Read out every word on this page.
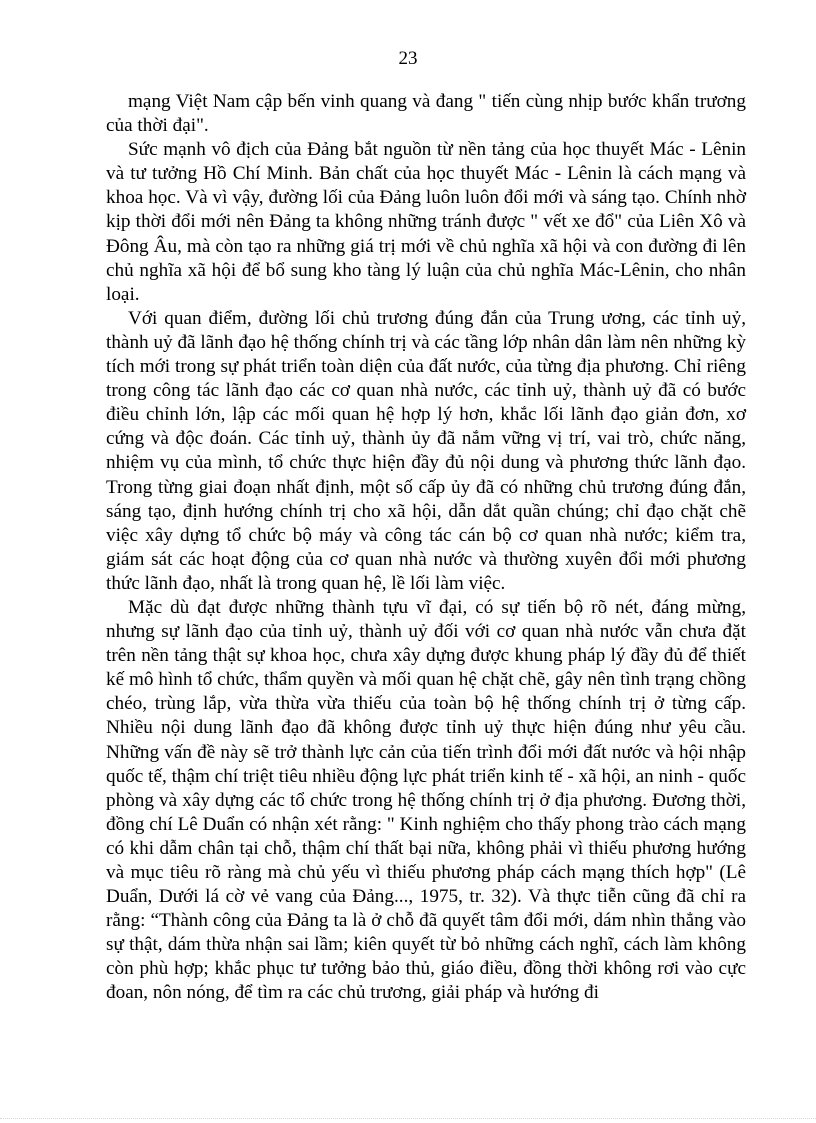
23

mạng Việt Nam cập bến vinh quang và đang " tiến cùng nhịp bước khẩn trương của thời đại".

Sức mạnh vô địch của Đảng bắt nguồn từ nền tảng của học thuyết Mác - Lênin và tư tưởng Hồ Chí Minh. Bản chất của học thuyết Mác - Lênin là cách mạng và khoa học. Và vì vậy, đường lối của Đảng luôn luôn đổi mới và sáng tạo. Chính nhờ kịp thời đổi mới nên Đảng ta không những tránh được " vết xe đổ" của Liên Xô và Đông Âu, mà còn tạo ra những giá trị mới về chủ nghĩa xã hội và con đường đi lên chủ nghĩa xã hội để bổ sung kho tàng lý luận của chủ nghĩa Mác-Lênin, cho nhân loại.

Với quan điểm, đường lối chủ trương đúng đắn của Trung ương, các tỉnh uỷ, thành uỷ đã lãnh đạo hệ thống chính trị và các tầng lớp nhân dân làm nên những kỳ tích mới trong sự phát triển toàn diện của đất nước, của từng địa phương. Chỉ riêng trong công tác lãnh đạo các cơ quan nhà nước, các tỉnh uỷ, thành uỷ đã có bước điều chỉnh lớn, lập các mối quan hệ hợp lý hơn, khắc lối lãnh đạo giản đơn, xơ cứng và độc đoán. Các tỉnh uỷ, thành ủy đã nắm vững vị trí, vai trò, chức năng, nhiệm vụ của mình, tổ chức thực hiện đầy đủ nội dung và phương thức lãnh đạo. Trong từng giai đoạn nhất định, một số cấp ủy đã có những chủ trương đúng đắn, sáng tạo, định hướng chính trị cho xã hội, dẫn dắt quần chúng; chỉ đạo chặt chẽ việc xây dựng tổ chức bộ máy và công tác cán bộ cơ quan nhà nước; kiểm tra, giám sát các hoạt động của cơ quan nhà nước và thường xuyên đổi mới phương thức lãnh đạo, nhất là trong quan hệ, lề lối làm việc.

Mặc dù đạt được những thành tựu vĩ đại, có sự tiến bộ rõ nét, đáng mừng, nhưng sự lãnh đạo của tỉnh uỷ, thành uỷ đối với cơ quan nhà nước vẫn chưa đặt trên nền tảng thật sự khoa học, chưa xây dựng được khung pháp lý đầy đủ để thiết kế mô hình tổ chức, thẩm quyền và mối quan hệ chặt chẽ, gây nên tình trạng chồng chéo, trùng lắp, vừa thừa vừa thiếu của toàn bộ hệ thống chính trị ở từng cấp. Nhiều nội dung lãnh đạo đã không được tỉnh uỷ thực hiện đúng như yêu cầu. Những vấn đề này sẽ trở thành lực cản của tiến trình đổi mới đất nước và hội nhập quốc tế, thậm chí triệt tiêu nhiều động lực phát triển kinh tế - xã hội, an ninh - quốc phòng và xây dựng các tổ chức trong hệ thống chính trị ở địa phương. Đương thời, đồng chí Lê Duẩn có nhận xét rằng: " Kinh nghiệm cho thấy phong trào cách mạng có khi dẫm chân tại chỗ, thậm chí thất bại nữa, không phải vì thiếu phương hướng và mục tiêu rõ ràng mà chủ yếu vì thiếu phương pháp cách mạng thích hợp" (Lê Duẩn, Dưới lá cờ vẻ vang của Đảng..., 1975, tr. 32). Và thực tiễn cũng đã chỉ ra rằng: “Thành công của Đảng ta là ở chỗ đã quyết tâm đổi mới, dám nhìn thẳng vào sự thật, dám thừa nhận sai lầm; kiên quyết từ bỏ những cách nghĩ, cách làm không còn phù hợp; khắc phục tư tưởng bảo thủ, giáo điều, đồng thời không rơi vào cực đoan, nôn nóng, để tìm ra các chủ trương, giải pháp và hướng đi
